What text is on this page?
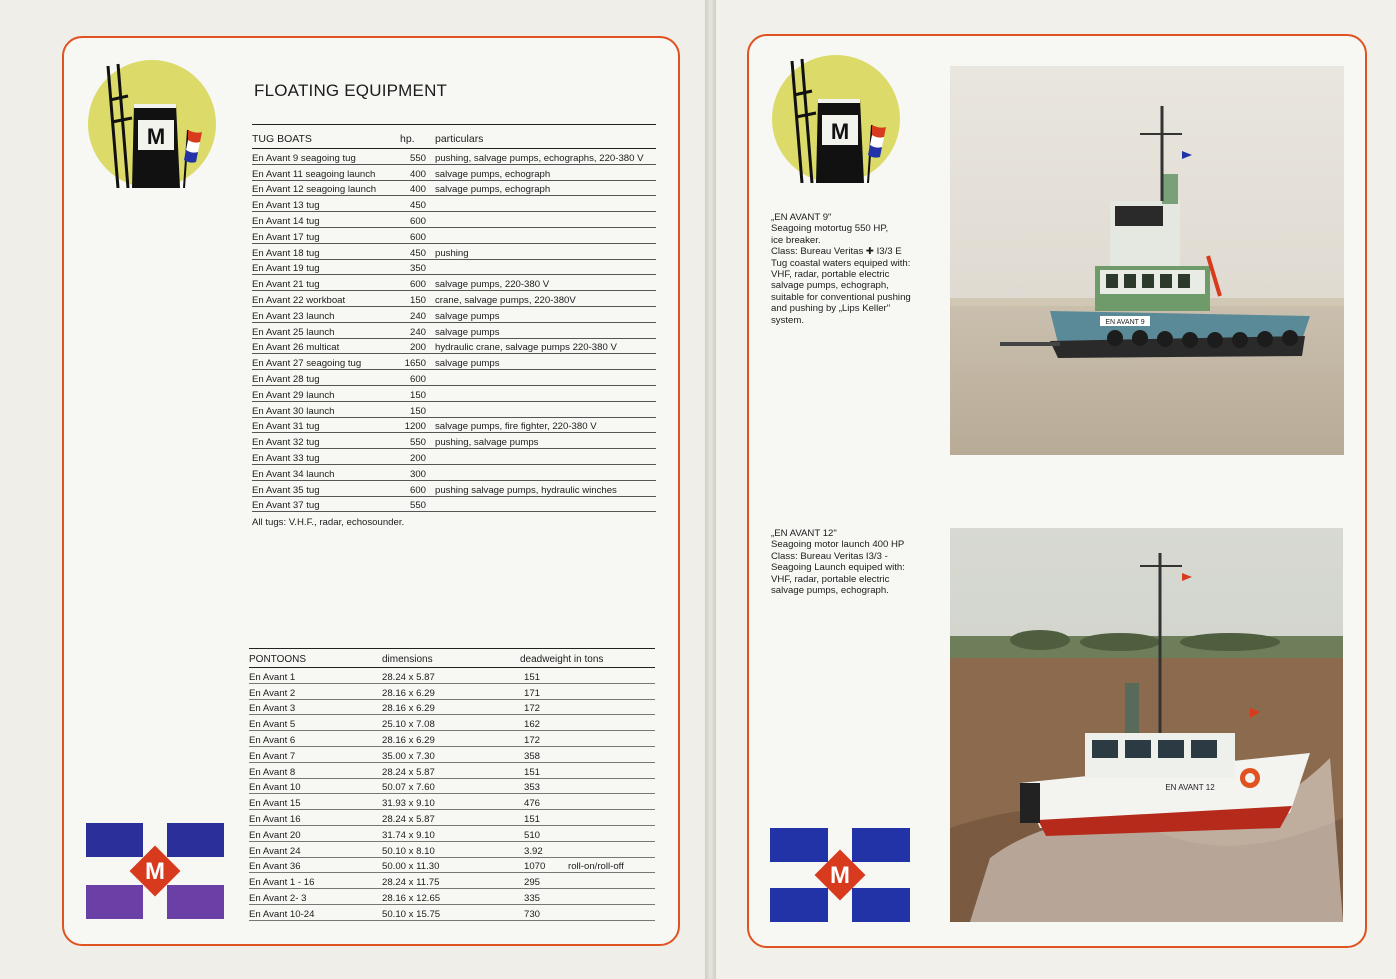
M
FLOATING EQUIPMENT
TUG BOATS	hp.	particulars
En Avant 9 seagoing tug	550	pushing, salvage pumps, echographs, 220-380 V
En Avant 11 seagoing launch	400	salvage pumps, echograph
En Avant 12 seagoing launch	400	salvage pumps, echograph
En Avant 13 tug	450	
En Avant 14 tug	600	
En Avant 17 tug	600	
En Avant 18 tug	450	pushing
En Avant 19 tug	350	
En Avant 21 tug	600	salvage pumps, 220-380 V
En Avant 22 workboat	150	crane, salvage pumps, 220-380V
En Avant 23 launch	240	salvage pumps
En Avant 25 launch	240	salvage pumps
En Avant 26 multicat	200	hydraulic crane, salvage pumps 220-380 V
En Avant 27 seagoing tug	1650	salvage pumps
En Avant 28 tug	600	
En Avant 29 launch	150	
En Avant 30 launch	150	
En Avant 31 tug	1200	salvage pumps, fire fighter, 220-380 V
En Avant 32 tug	550	pushing, salvage pumps
En Avant 33 tug	200	
En Avant 34 launch	300	
En Avant 35 tug	600	pushing salvage pumps, hydraulic winches
En Avant 37 tug	550	

All tugs: V.H.F., radar, echosounder.

PONTOONS	dimensions	deadweight in tons
En Avant 1	28.24 x 5.87	151
En Avant 2	28.16 x 6.29	171
En Avant 3	28.16 x 6.29	172
En Avant 5	25.10 x 7.08	162
En Avant 6	28.16 x 6.29	172
En Avant 7	35.00 x 7.30	358
En Avant 8	28.24 x 5.87	151
En Avant 10	50.07 x 7.60	353
En Avant 15	31.93 x 9.10	476
En Avant 16	28.24 x 5.87	151
En Avant 20	31.74 x 9.10	510
En Avant 24	50.10 x 8.10	3.92
En Avant 36	50.00 x 11.30	1070 roll-on/roll-off
En Avant 1 - 16	28.24 x 11.75	295
En Avant 2- 3	28.16 x 12.65	335
En Avant 10-24	50.10 x 15.75	730
M
M

„EN AVANT 9"

Seagoing motortug 550 HP,
ice breaker.
Class: Bureau Veritas ✚ I3/3 E
Tug coastal waters equiped with:
VHF, radar, portable electric
salvage pumps, echograph,
suitable for conventional pushing
and pushing by „Lips Keller"
system.	EN AVANT 9

„EN AVANT 12"

Seagoing motor launch 400 HP
Class: Bureau Veritas I3/3 -
Seagoing Launch equiped with:
VHF, radar, portable electric
salvage pumps, echograph.

EN AVANT 12
M
